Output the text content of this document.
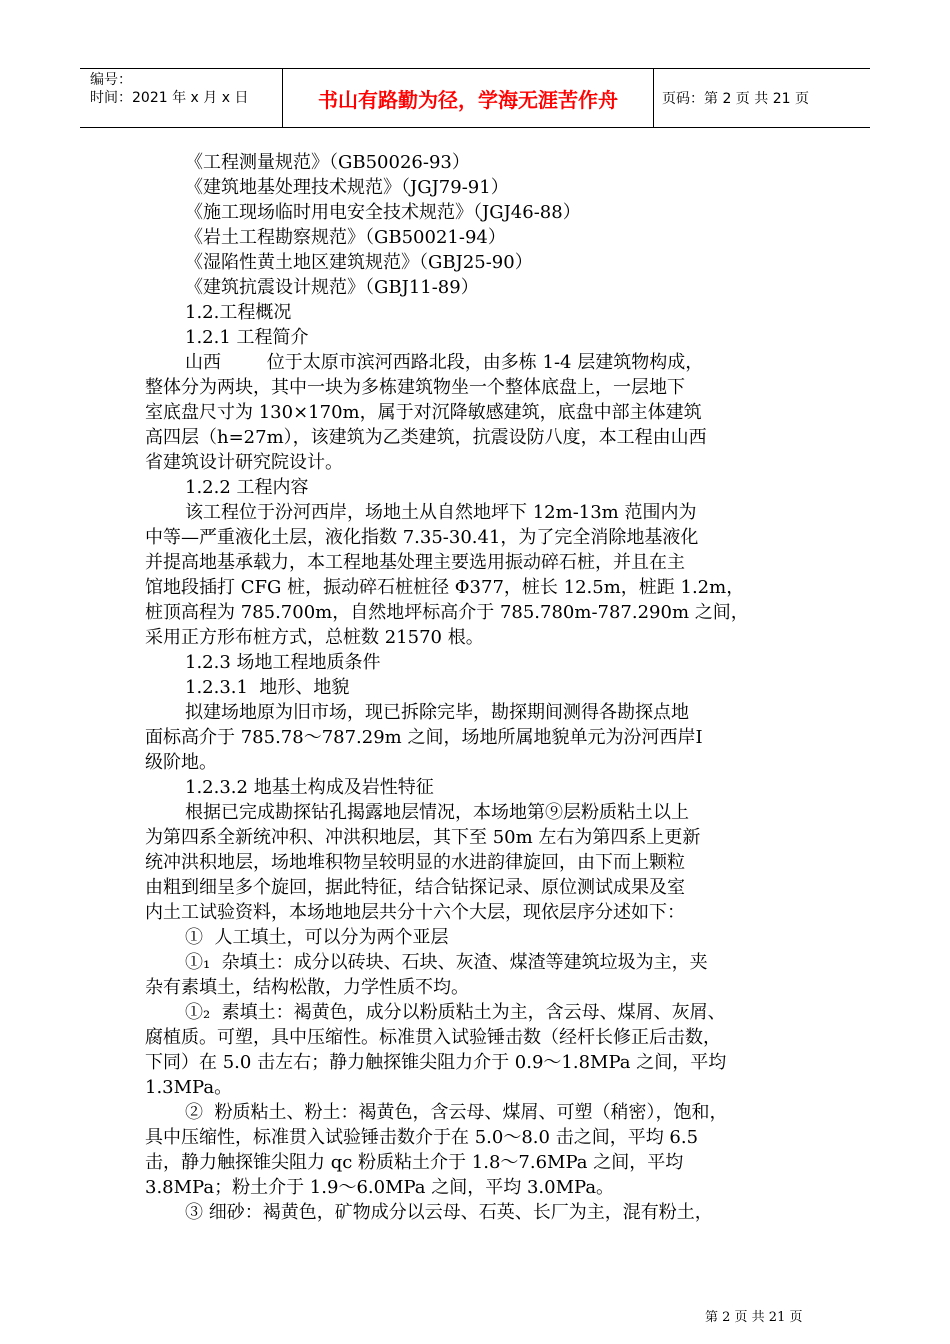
编号：
时间：2021 年 x 月 x 日	书山有路勤为径，学海无涯苦作舟	页码：第 2 页 共 21 页
《工程测量规范》（GB50026-93）
《建筑地基处理技术规范》（JGJ79-91）
《施工现场临时用电安全技术规范》（JGJ46-88）
《岩土工程勘察规范》（GB50021-94）
《湿陷性黄土地区建筑规范》（GBJ25-90）
《建筑抗震设计规范》（GBJ11-89）
1.2.工程概况
1.2.1 工程简介
山西        位于太原市滨河西路北段，由多栋 1-4 层建筑物构成，
整体分为两块，其中一块为多栋建筑物坐一个整体底盘上，一层地下
室底盘尺寸为 130×170m，属于对沉降敏感建筑，底盘中部主体建筑
高四层（h=27m），该建筑为乙类建筑，抗震设防八度，本工程由山西
省建筑设计研究院设计。
1.2.2 工程内容
该工程位于汾河西岸，场地土从自然地坪下 12m-13m 范围内为
中等—严重液化土层，液化指数 7.35-30.41，为了完全消除地基液化
并提高地基承载力，本工程地基处理主要选用振动碎石桩，并且在主
馆地段插打 CFG 桩，振动碎石桩桩径 Φ377，桩长 12.5m，桩距 1.2m，
桩顶高程为 785.700m，自然地坪标高介于 785.780m-787.290m 之间，
采用正方形布桩方式，总桩数 21570 根。
1.2.3 场地工程地质条件
1.2.3.1  地形、地貌
拟建场地原为旧市场，现已拆除完毕，勘探期间测得各勘探点地
面标高介于 785.78～787.29m 之间，场地所属地貌单元为汾河西岸Ⅰ
级阶地。
1.2.3.2 地基土构成及岩性特征
根据已完成勘探钻孔揭露地层情况，本场地第⑨层粉质粘土以上
为第四系全新统冲积、冲洪积地层，其下至 50m 左右为第四系上更新
统冲洪积地层，场地堆积物呈较明显的水进韵律旋回，由下而上颗粒
由粗到细呈多个旋回，据此特征，结合钻探记录、原位测试成果及室
内土工试验资料，本场地地层共分十六个大层，现依层序分述如下：
①  人工填土，可以分为两个亚层
①₁  杂填土：成分以砖块、石块、灰渣、煤渣等建筑垃圾为主，夹
杂有素填土，结构松散，力学性质不均。
①₂  素填土：褐黄色，成分以粉质粘土为主，含云母、煤屑、灰屑、
腐植质。可塑，具中压缩性。标准贯入试验锤击数（经杆长修正后击数，
下同）在 5.0 击左右；静力触探锥尖阻力介于 0.9～1.8MPa 之间，平均
1.3MPa。
②  粉质粘土、粉土：褐黄色，含云母、煤屑、可塑（稍密），饱和，
具中压缩性，标准贯入试验锤击数介于在 5.0～8.0 击之间，平均 6.5
击，静力触探锥尖阻力 qc 粉质粘土介于 1.8～7.6MPa 之间，平均
3.8MPa；粉土介于 1.9～6.0MPa 之间，平均 3.0MPa。
③ 细砂：褐黄色，矿物成分以云母、石英、长厂为主，混有粉土，
第 2 页 共 21 页
